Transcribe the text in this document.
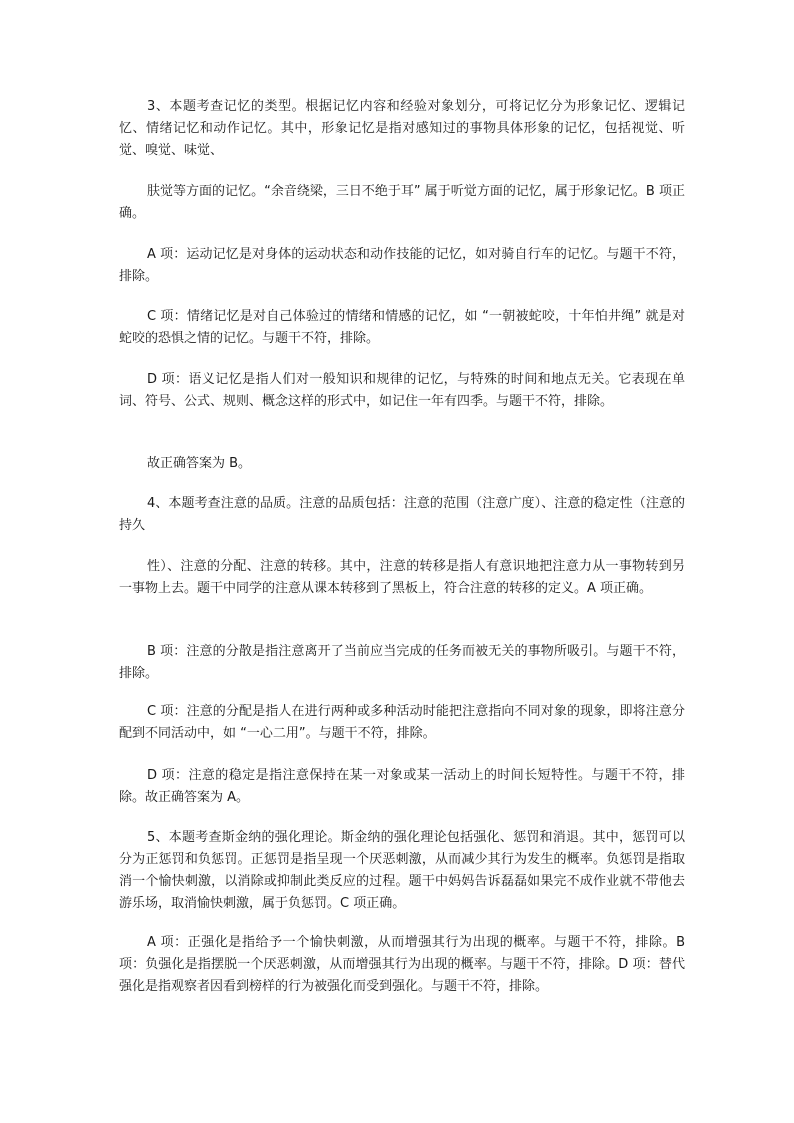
3、本题考查记忆的类型。根据记忆内容和经验对象划分，可将记忆分为形象记忆、逻辑记忆、情绪记忆和动作记忆。其中，形象记忆是指对感知过的事物具体形象的记忆，包括视觉、听觉、嗅觉、味觉、

肤觉等方面的记忆。“余音绕梁，三日不绝于耳” 属于听觉方面的记忆，属于形象记忆。B 项正确。

A 项：运动记忆是对身体的运动状态和动作技能的记忆，如对骑自行车的记忆。与题干不符，排除。

C 项：情绪记忆是对自己体验过的情绪和情感的记忆，如 “一朝被蛇咬，十年怕井绳” 就是对蛇咬的恐惧之情的记忆。与题干不符，排除。

D 项：语义记忆是指人们对一般知识和规律的记忆，与特殊的时间和地点无关。它表现在单词、符号、公式、规则、概念这样的形式中，如记住一年有四季。与题干不符，排除。

故正确答案为 B。

4、本题考查注意的品质。注意的品质包括：注意的范围（注意广度）、注意的稳定性（注意的持久

性）、注意的分配、注意的转移。其中，注意的转移是指人有意识地把注意力从一事物转到另一事物上去。题干中同学的注意从课本转移到了黑板上，符合注意的转移的定义。A 项正确。

B 项：注意的分散是指注意离开了当前应当完成的任务而被无关的事物所吸引。与题干不符，排除。

C 项：注意的分配是指人在进行两种或多种活动时能把注意指向不同对象的现象，即将注意分配到不同活动中，如 “一心二用”。与题干不符，排除。

D 项：注意的稳定是指注意保持在某一对象或某一活动上的时间长短特性。与题干不符，排除。故正确答案为 A。

5、本题考查斯金纳的强化理论。斯金纳的强化理论包括强化、惩罚和消退。其中，惩罚可以分为正惩罚和负惩罚。正惩罚是指呈现一个厌恶刺激，从而减少其行为发生的概率。负惩罚是指取消一个愉快刺激，以消除或抑制此类反应的过程。题干中妈妈告诉磊磊如果完不成作业就不带他去游乐场，取消愉快刺激，属于负惩罚。C 项正确。

A 项：正强化是指给予一个愉快刺激，从而增强其行为出现的概率。与题干不符，排除。B 项：负强化是指摆脱一个厌恶刺激，从而增强其行为出现的概率。与题干不符，排除。D 项：替代强化是指观察者因看到榜样的行为被强化而受到强化。与题干不符，排除。
